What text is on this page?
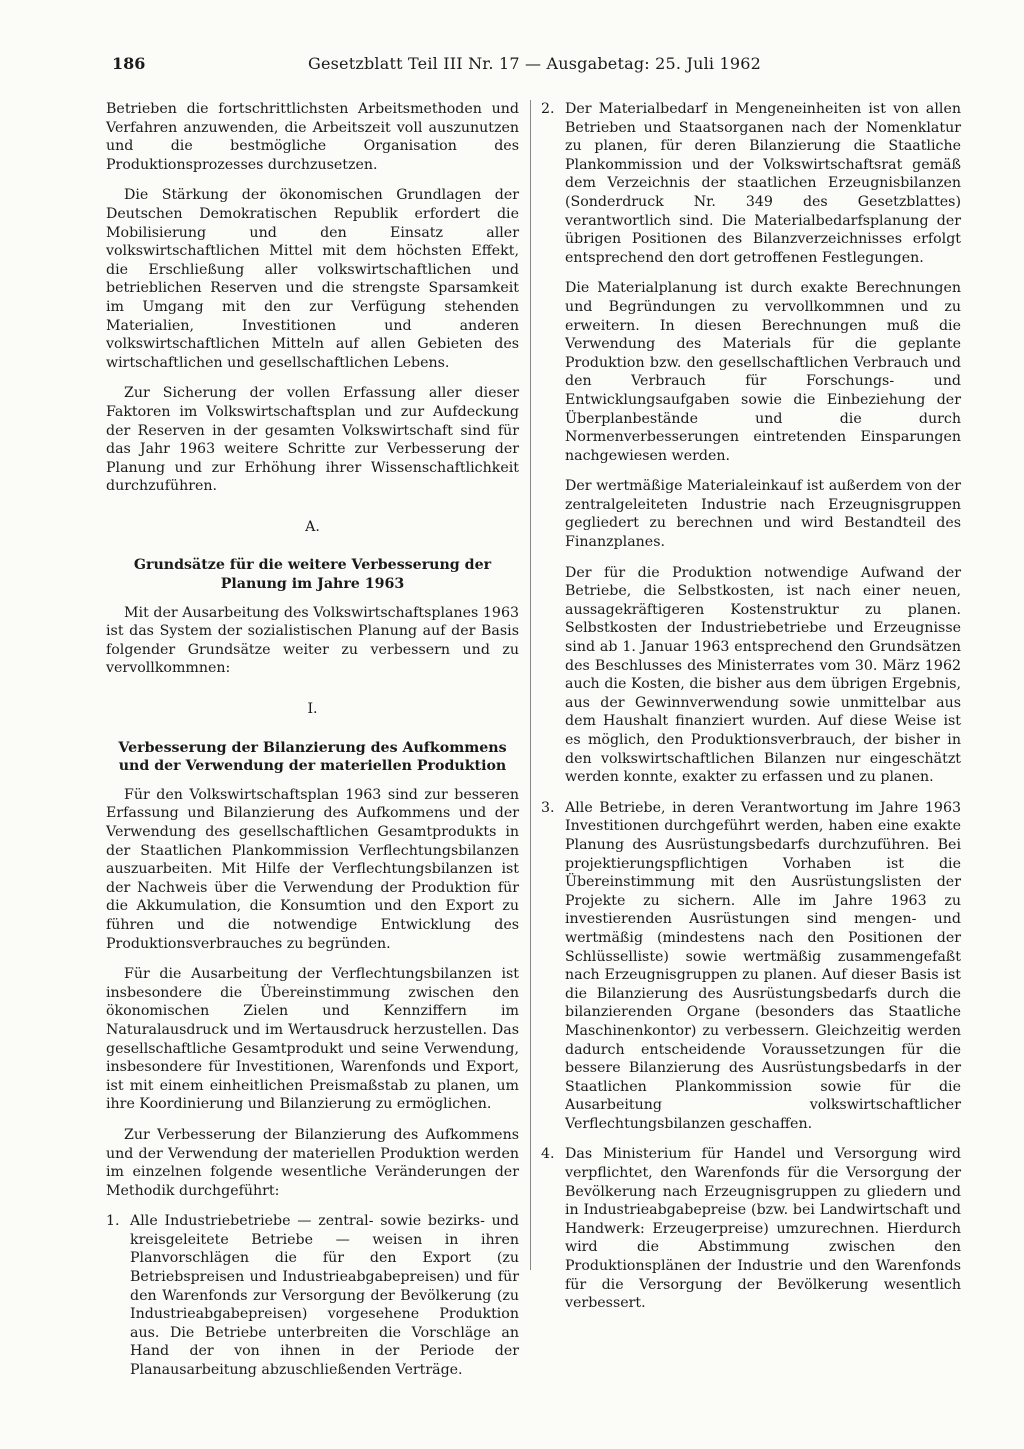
186	Gesetzblatt Teil III Nr. 17 — Ausgabetag: 25. Juli 1962

Betrieben die fortschrittlichsten Arbeitsmethoden und Verfahren anzuwenden, die Arbeitszeit voll auszunutzen und die bestmögliche Organisation des Produktionsprozesses durchzusetzen.

Die Stärkung der ökonomischen Grundlagen der Deutschen Demokratischen Republik erfordert die Mobilisierung und den Einsatz aller volkswirtschaftlichen Mittel mit dem höchsten Effekt, die Erschließung aller volkswirtschaftlichen und betrieblichen Reserven und die strengste Sparsamkeit im Umgang mit den zur Verfügung stehenden Materialien, Investitionen und anderen volkswirtschaftlichen Mitteln auf allen Gebieten des wirtschaftlichen und gesellschaftlichen Lebens.

Zur Sicherung der vollen Erfassung aller dieser Faktoren im Volkswirtschaftsplan und zur Aufdeckung der Reserven in der gesamten Volkswirtschaft sind für das Jahr 1963 weitere Schritte zur Verbesserung der Planung und zur Erhöhung ihrer Wissenschaftlichkeit durchzuführen.

A.

Grundsätze für die weitere Verbesserung der Planung im Jahre 1963

Mit der Ausarbeitung des Volkswirtschaftsplanes 1963 ist das System der sozialistischen Planung auf der Basis folgender Grundsätze weiter zu verbessern und zu vervollkommnen:

I.

Verbesserung der Bilanzierung des Aufkommens und der Verwendung der materiellen Produktion

Für den Volkswirtschaftsplan 1963 sind zur besseren Erfassung und Bilanzierung des Aufkommens und der Verwendung des gesellschaftlichen Gesamtprodukts in der Staatlichen Plankommission Verflechtungsbilanzen auszuarbeiten. Mit Hilfe der Verflechtungsbilanzen ist der Nachweis über die Verwendung der Produktion für die Akkumulation, die Konsumtion und den Export zu führen und die notwendige Entwicklung des Produktionsverbrauches zu begründen.

Für die Ausarbeitung der Verflechtungsbilanzen ist insbesondere die Übereinstimmung zwischen den ökonomischen Zielen und Kennziffern im Naturalausdruck und im Wertausdruck herzustellen. Das gesellschaftliche Gesamtprodukt und seine Verwendung, insbesondere für Investitionen, Warenfonds und Export, ist mit einem einheitlichen Preismaßstab zu planen, um ihre Koordinierung und Bilanzierung zu ermöglichen.

Zur Verbesserung der Bilanzierung des Aufkommens und der Verwendung der materiellen Produktion werden im einzelnen folgende wesentliche Veränderungen der Methodik durchgeführt:

1. Alle Industriebetriebe — zentral- sowie bezirks- und kreisgeleitete Betriebe — weisen in ihren Planvorschlägen die für den Export (zu Betriebspreisen und Industrieabgabepreisen) und für den Warenfonds zur Versorgung der Bevölkerung (zu Industrieabgabepreisen) vorgesehene Produktion aus. Die Betriebe unterbreiten die Vorschläge an Hand der von ihnen in der Periode der Planausarbeitung abzuschließenden Verträge.

2. Der Materialbedarf in Mengeneinheiten ist von allen Betrieben und Staatsorganen nach der Nomenklatur zu planen, für deren Bilanzierung die Staatliche Plankommission und der Volkswirtschaftsrat gemäß dem Verzeichnis der staatlichen Erzeugnisbilanzen (Sonderdruck Nr. 349 des Gesetzblattes) verantwortlich sind. Die Materialbedarfsplanung der übrigen Positionen des Bilanzverzeichnisses erfolgt entsprechend den dort getroffenen Festlegungen.

Die Materialplanung ist durch exakte Berechnungen und Begründungen zu vervollkommnen und zu erweitern. In diesen Berechnungen muß die Verwendung des Materials für die geplante Produktion bzw. den gesellschaftlichen Verbrauch und den Verbrauch für Forschungs- und Entwicklungsaufgaben sowie die Einbeziehung der Überplanbestände und die durch Normenverbesserungen eintretenden Einsparungen nachgewiesen werden.

Der wertmäßige Materialeinkauf ist außerdem von der zentralgeleiteten Industrie nach Erzeugnisgruppen gegliedert zu berechnen und wird Bestandteil des Finanzplanes.

Der für die Produktion notwendige Aufwand der Betriebe, die Selbstkosten, ist nach einer neuen, aussagekräftigeren Kostenstruktur zu planen. Selbstkosten der Industriebetriebe und Erzeugnisse sind ab 1. Januar 1963 entsprechend den Grundsätzen des Beschlusses des Ministerrates vom 30. März 1962 auch die Kosten, die bisher aus dem übrigen Ergebnis, aus der Gewinnverwendung sowie unmittelbar aus dem Haushalt finanziert wurden. Auf diese Weise ist es möglich, den Produktionsverbrauch, der bisher in den volkswirtschaftlichen Bilanzen nur eingeschätzt werden konnte, exakter zu erfassen und zu planen.

3. Alle Betriebe, in deren Verantwortung im Jahre 1963 Investitionen durchgeführt werden, haben eine exakte Planung des Ausrüstungsbedarfs durchzuführen. Bei projektierungspflichtigen Vorhaben ist die Übereinstimmung mit den Ausrüstungslisten der Projekte zu sichern. Alle im Jahre 1963 zu investierenden Ausrüstungen sind mengen- und wertmäßig (mindestens nach den Positionen der Schlüsselliste) sowie wertmäßig zusammengefaßt nach Erzeugnisgruppen zu planen. Auf dieser Basis ist die Bilanzierung des Ausrüstungsbedarfs durch die bilanzierenden Organe (besonders das Staatliche Maschinenkontor) zu verbessern. Gleichzeitig werden dadurch entscheidende Voraussetzungen für die bessere Bilanzierung des Ausrüstungsbedarfs in der Staatlichen Plankommission sowie für die Ausarbeitung volkswirtschaftlicher Verflechtungsbilanzen geschaffen.

4. Das Ministerium für Handel und Versorgung wird verpflichtet, den Warenfonds für die Versorgung der Bevölkerung nach Erzeugnisgruppen zu gliedern und in Industrieabgabepreise (bzw. bei Landwirtschaft und Handwerk: Erzeugerpreise) umzurechnen. Hierdurch wird die Abstimmung zwischen den Produktionsplänen der Industrie und den Warenfonds für die Versorgung der Bevölkerung wesentlich verbessert.
